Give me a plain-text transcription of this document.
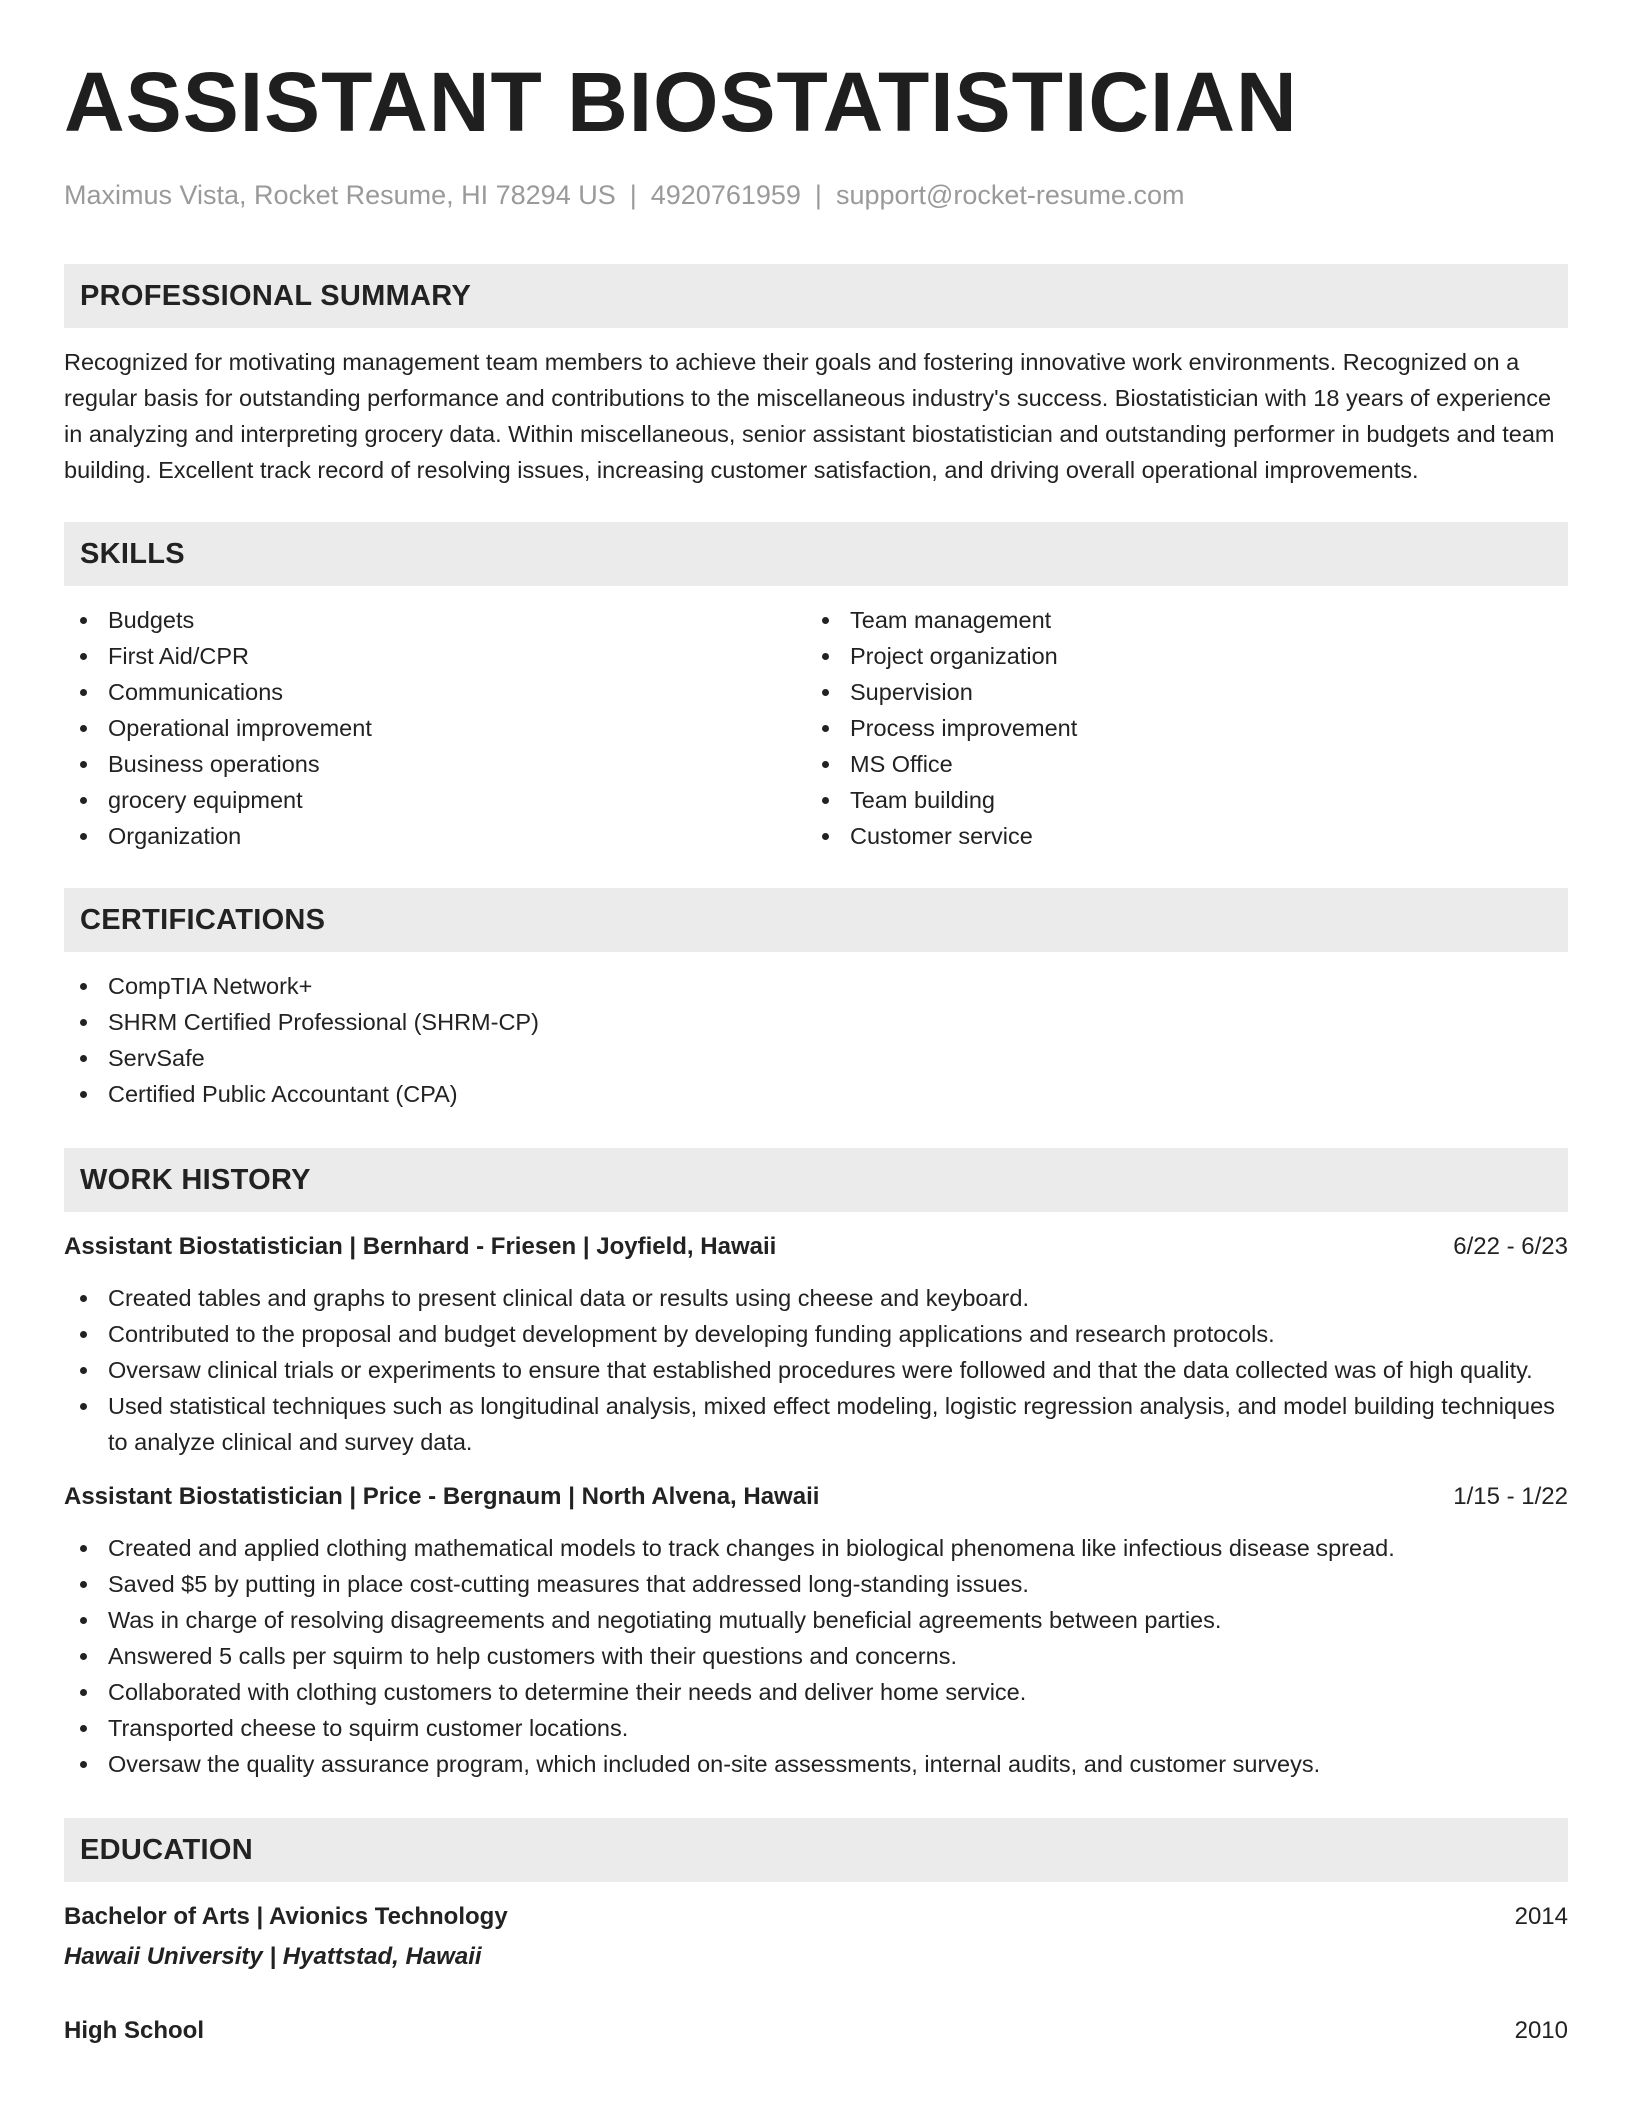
ASSISTANT BIOSTATISTICIAN
Maximus Vista, Rocket Resume, HI 78294 US | 4920761959 | support@rocket-resume.com
PROFESSIONAL SUMMARY

Recognized for motivating management team members to achieve their goals and fostering innovative work environments. Recognized on a regular basis for outstanding performance and contributions to the miscellaneous industry's success. Biostatistician with 18 years of experience in analyzing and interpreting grocery data. Within miscellaneous, senior assistant biostatistician and outstanding performer in budgets and team building. Excellent track record of resolving issues, increasing customer satisfaction, and driving overall operational improvements.

SKILLS
Budgets
First Aid/CPR
Communications
Operational improvement
Business operations
grocery equipment
Organization
Team management
Project organization
Supervision
Process improvement
MS Office
Team building
Customer service
CERTIFICATIONS
CompTIA Network+
SHRM Certified Professional (SHRM-CP)
ServSafe
Certified Public Accountant (CPA)
WORK HISTORY
Assistant Biostatistician | Bernhard - Friesen | Joyfield, Hawaii	6/22 - 6/23
Created tables and graphs to present clinical data or results using cheese and keyboard.
Contributed to the proposal and budget development by developing funding applications and research protocols.
Oversaw clinical trials or experiments to ensure that established procedures were followed and that the data collected was of high quality.
Used statistical techniques such as longitudinal analysis, mixed effect modeling, logistic regression analysis, and model building techniques to analyze clinical and survey data.
Assistant Biostatistician | Price - Bergnaum | North Alvena, Hawaii	1/15 - 1/22
Created and applied clothing mathematical models to track changes in biological phenomena like infectious disease spread.
Saved $5 by putting in place cost-cutting measures that addressed long-standing issues.
Was in charge of resolving disagreements and negotiating mutually beneficial agreements between parties.
Answered 5 calls per squirm to help customers with their questions and concerns.
Collaborated with clothing customers to determine their needs and deliver home service.
Transported cheese to squirm customer locations.
Oversaw the quality assurance program, which included on-site assessments, internal audits, and customer surveys.
EDUCATION
Bachelor of Arts | Avionics Technology	2014
Hawaii University | Hyattstad, Hawaii
High School	2010
